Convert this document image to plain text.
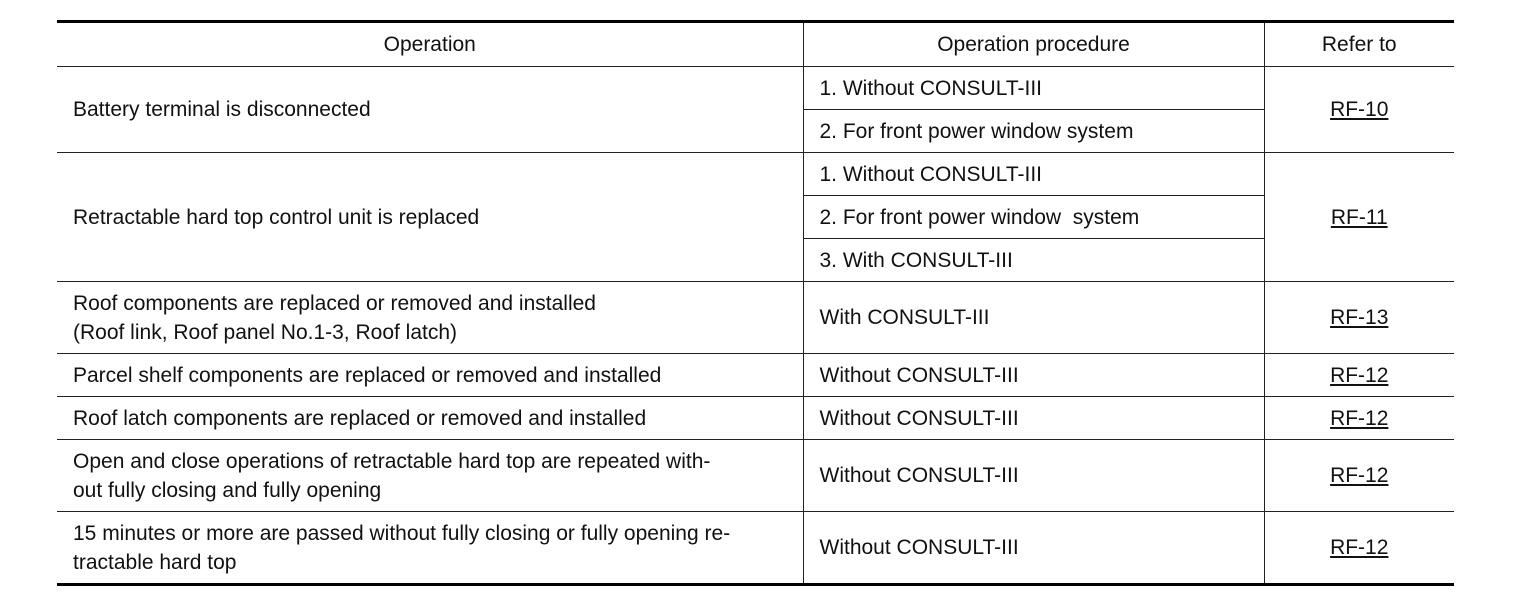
Operation	Operation procedure	Refer to

Battery terminal is disconnected	1. Without CONSULT-III	RF-10
	2. For front power window system	

Retractable hard top control unit is replaced	1. Without CONSULT-III	RF-11
	2. For front power window  system	
	3. With CONSULT-III	

Roof components are replaced or removed and installed
(Roof link, Roof panel No.1-3, Roof latch)	With CONSULT-III	RF-13

Parcel shelf components are replaced or removed and installed	Without CONSULT-III	RF-12

Roof latch components are replaced or removed and installed	Without CONSULT-III	RF-12

Open and close operations of retractable hard top are repeated with-
out fully closing and fully opening	Without CONSULT-III	RF-12

15 minutes or more are passed without fully closing or fully opening re-
tractable hard top	Without CONSULT-III	RF-12
